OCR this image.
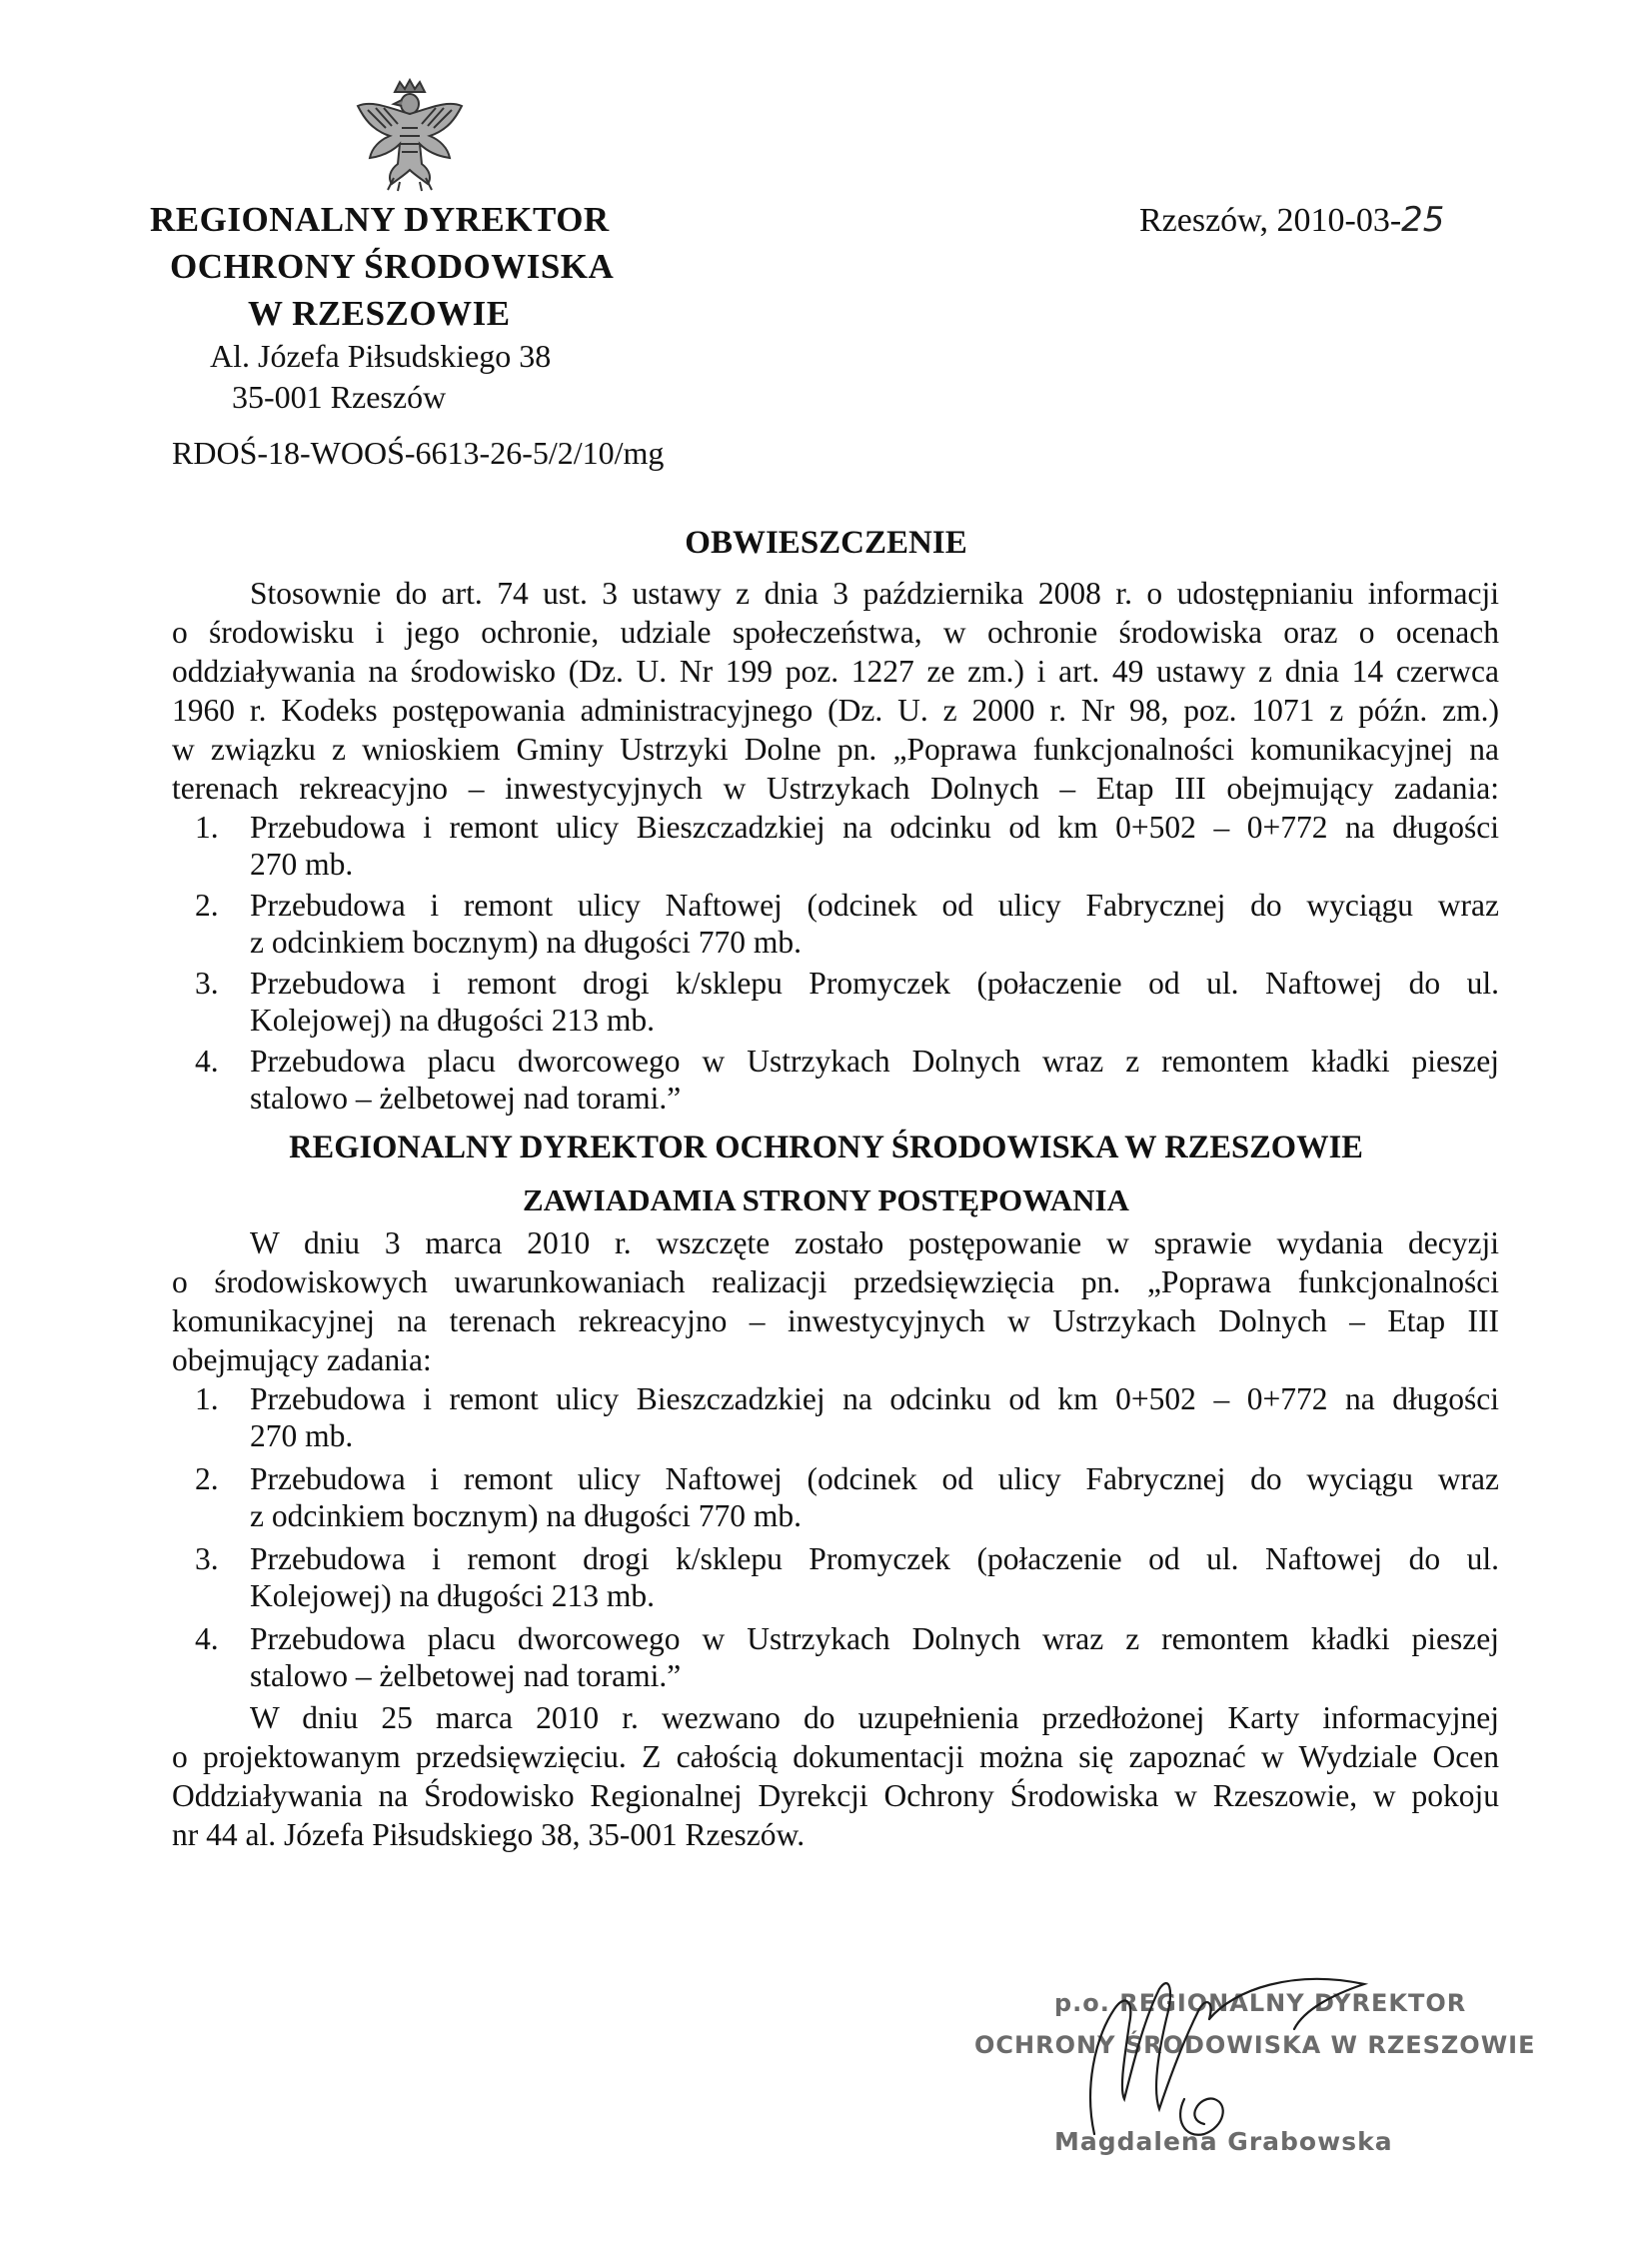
REGIONALNY DYREKTOR
OCHRONY ŚRODOWISKA
W RZESZOWIE
Al. Józefa Piłsudskiego 38
35-001 Rzeszów
Rzeszów, 2010-03-25
RDOŚ-18-WOOŚ-6613-26-5/2/10/mg
OBWIESZCZENIE
Stosownie do art. 74 ust. 3 ustawy z dnia 3 października 2008 r. o udostępnianiu informacji
o środowisku i jego ochronie, udziale społeczeństwa, w ochronie środowiska oraz o ocenach
oddziaływania na środowisko (Dz. U. Nr 199 poz. 1227 ze zm.) i art. 49 ustawy z dnia 14 czerwca
1960 r. Kodeks postępowania administracyjnego (Dz. U. z 2000 r. Nr 98, poz. 1071 z późn. zm.)
w związku z wnioskiem Gminy Ustrzyki Dolne pn. „Poprawa funkcjonalności komunikacyjnej na
terenach rekreacyjno – inwestycyjnych w Ustrzykach Dolnych – Etap III obejmujący zadania:
1. Przebudowa i remont ulicy Bieszczadzkiej na odcinku od km 0+502 – 0+772 na długości
270 mb.
2. Przebudowa i remont ulicy Naftowej (odcinek od ulicy Fabrycznej do wyciągu wraz
z odcinkiem bocznym) na długości 770 mb.
3. Przebudowa i remont drogi k/sklepu Promyczek (połaczenie od ul. Naftowej do ul.
Kolejowej) na długości 213 mb.
4. Przebudowa placu dworcowego w Ustrzykach Dolnych wraz z remontem kładki pieszej
stalowo – żelbetowej nad torami.”
REGIONALNY DYREKTOR OCHRONY ŚRODOWISKA W RZESZOWIE
ZAWIADAMIA STRONY POSTĘPOWANIA
W dniu 3 marca 2010 r. wszczęte zostało postępowanie w sprawie wydania decyzji
o środowiskowych uwarunkowaniach realizacji przedsięwzięcia pn. „Poprawa funkcjonalności
komunikacyjnej na terenach rekreacyjno – inwestycyjnych w Ustrzykach Dolnych – Etap III
obejmujący zadania:
1. Przebudowa i remont ulicy Bieszczadzkiej na odcinku od km 0+502 – 0+772 na długości
270 mb.
2. Przebudowa i remont ulicy Naftowej (odcinek od ulicy Fabrycznej do wyciągu wraz
z odcinkiem bocznym) na długości 770 mb.
3. Przebudowa i remont drogi k/sklepu Promyczek (połaczenie od ul. Naftowej do ul.
Kolejowej) na długości 213 mb.
4. Przebudowa placu dworcowego w Ustrzykach Dolnych wraz z remontem kładki pieszej
stalowo – żelbetowej nad torami.”
W dniu 25 marca 2010 r. wezwano do uzupełnienia przedłożonej Karty informacyjnej
o projektowanym przedsięwzięciu. Z całością dokumentacji można się zapoznać w Wydziale Ocen
Oddziaływania na Środowisko Regionalnej Dyrekcji Ochrony Środowiska w Rzeszowie, w pokoju
nr 44 al. Józefa Piłsudskiego 38, 35-001 Rzeszów.
p.o. REGIONALNY DYREKTOR
OCHRONY ŚRODOWISKA W RZESZOWIE
Magdalena Grabowska
